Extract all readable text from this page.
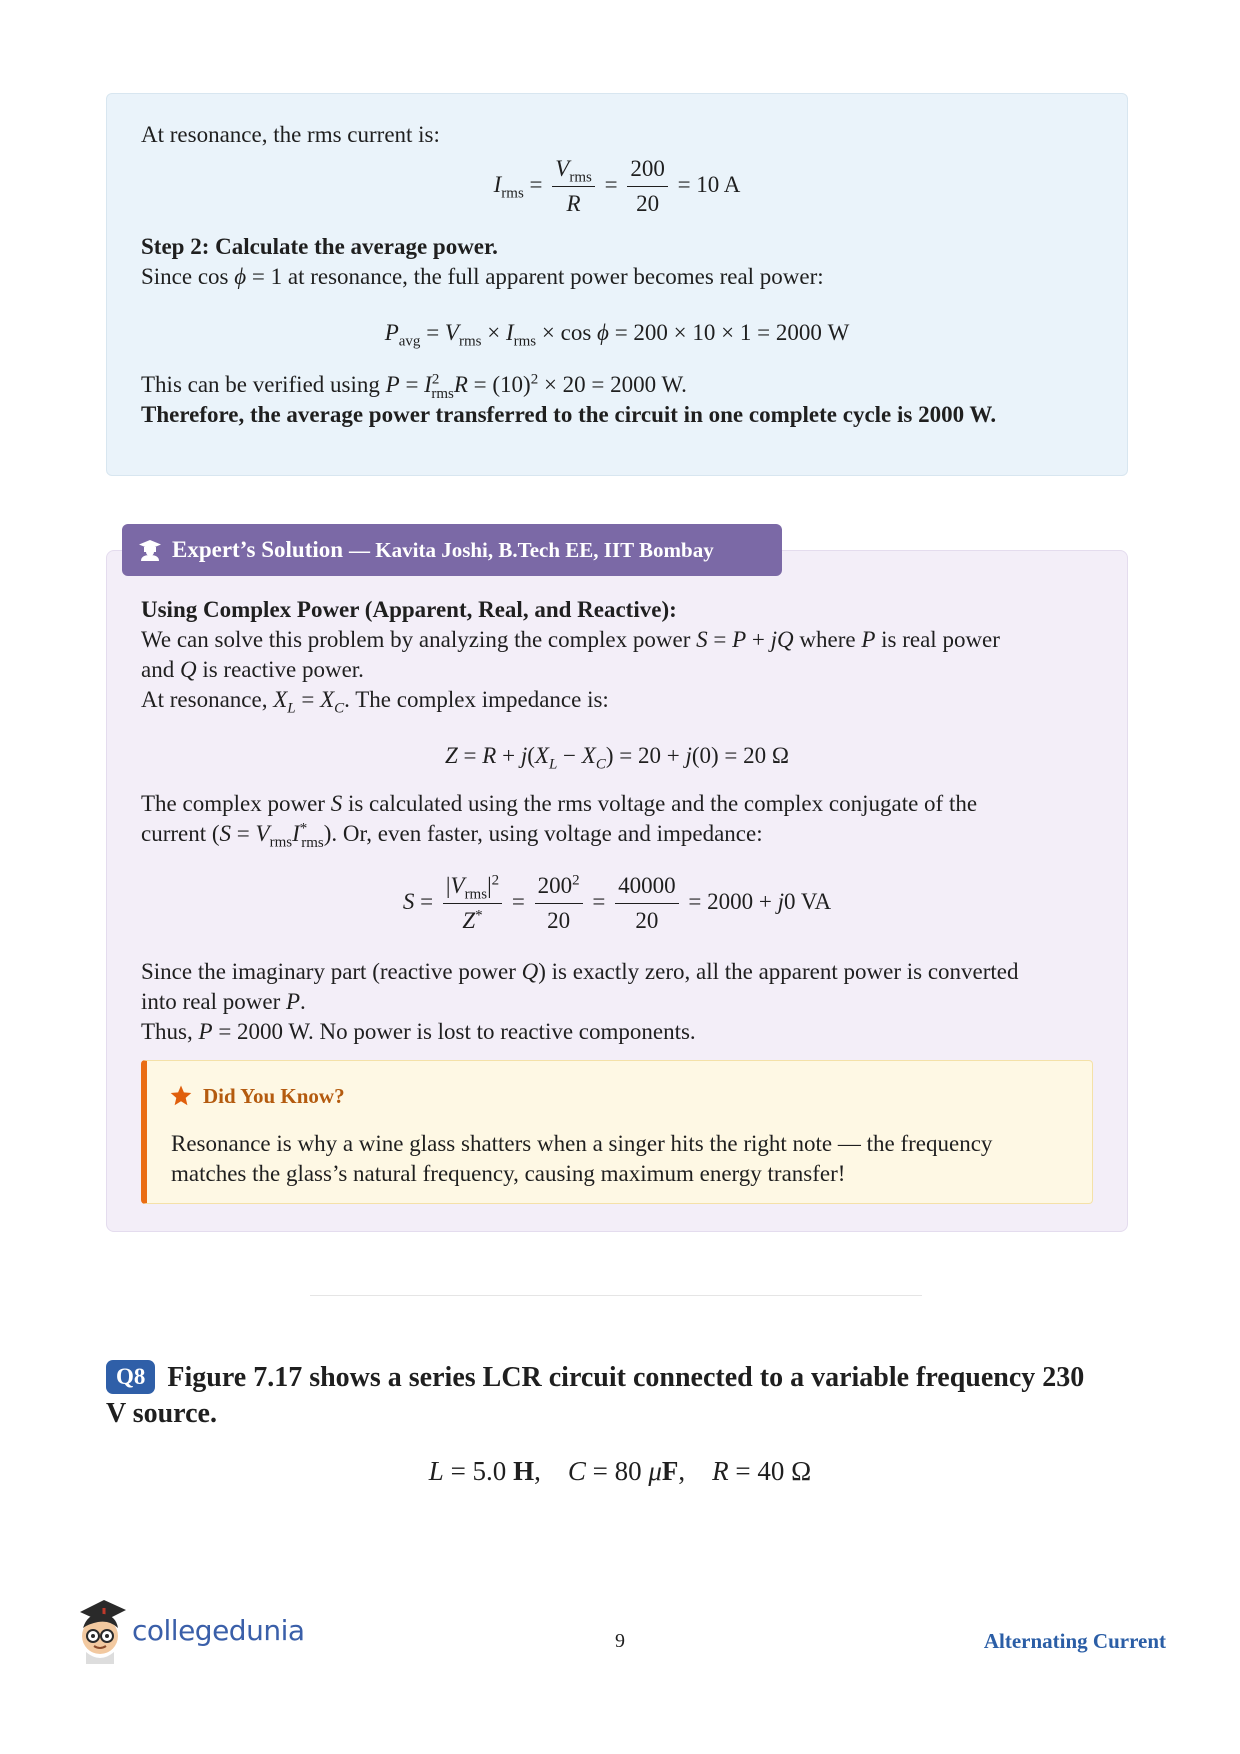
At resonance, the rms current is:
$I_{rms} = \frac{V_{rms}}{R} = \frac{200}{20} = 10$ A
Step 2: Calculate the average power.
Since cos ϕ = 1 at resonance, the full apparent power becomes real power:
$P_{avg} = V_{rms} \times I_{rms} \times \cos \phi = 200 \times 10 \times 1 = 2000$ W
This can be verified using $P = I^2_{rms}R = (10)^2 \times 20 = 2000$ W.
Therefore, the average power transferred to the circuit in one complete cycle is 2000 W.
Using Complex Power (Apparent, Real, and Reactive):
We can solve this problem by analyzing the complex power S = P + jQ where P is real power
and Q is reactive power.
At resonance, $X_L = X_C$. The complex impedance is:
$Z = R + j(X_L - X_C) = 20 + j(0) = 20$ Ω
The complex power S is calculated using the rms voltage and the complex conjugate of the
current $(S = V_{rms}I^*_{rms})$. Or, even faster, using voltage and impedance:
$S = \frac{|V_{rms}|^2}{Z^*} = \frac{200^2}{20} = \frac{40000}{20} = 2000 + j0$ VA
Since the imaginary part (reactive power Q) is exactly zero, all the apparent power is converted
into real power P.
Thus, P = 2000 W. No power is lost to reactive components.
Did You Know?
Resonance is why a wine glass shatters when a singer hits the right note — the frequency matches the glass’s natural frequency, causing maximum energy transfer!
Expert’s Solution — Kavita Joshi, B.Tech EE, IIT Bombay
Q8 Figure 7.17 shows a series LCR circuit connected to a variable frequency 230 V source.
L = 5.0 H,    C = 80 μF,    R = 40 Ω
collegedunia	9	Alternating Current
